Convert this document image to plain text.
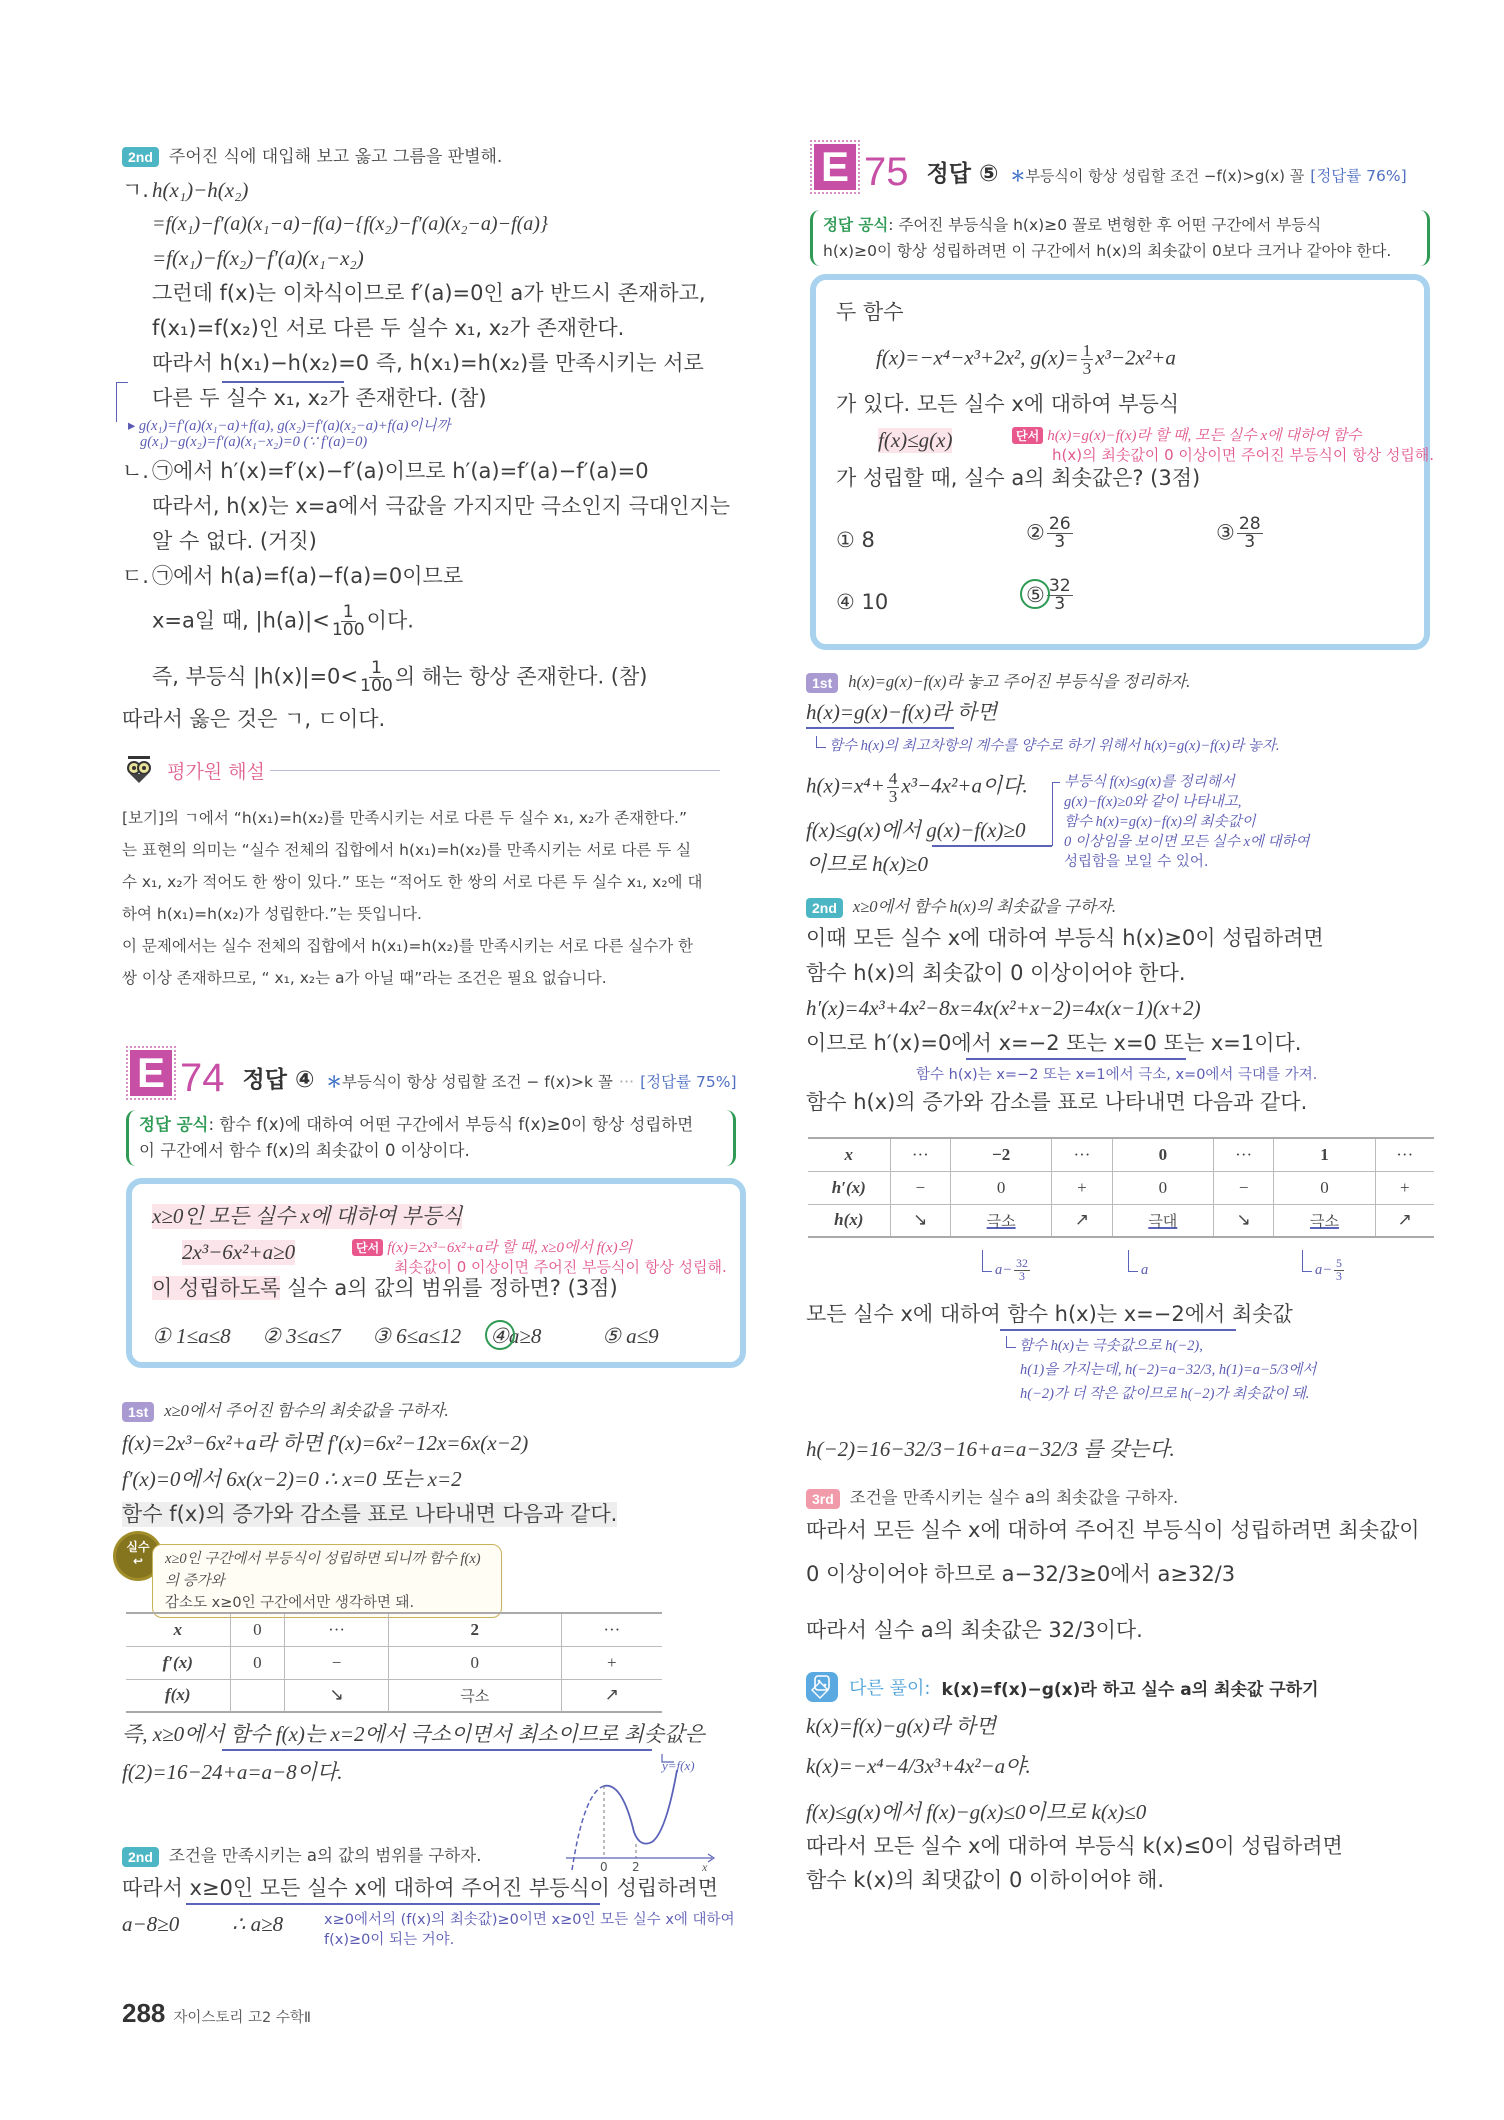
2nd 주어진 식에 대입해 보고 옳고 그름을 판별해.
ㄱ. h(x₁)−h(x₂)
=f(x₁)−f′(a)(x₁−a)−f(a)−{f(x₂)−f′(a)(x₂−a)−f(a)}
=f(x₁)−f(x₂)−f′(a)(x₁−x₂)
그런데 f(x)는 이차식이므로 f′(a)=0인 a가 반드시 존재하고,
f(x₁)=f(x₂)인 서로 다른 두 실수 x₁, x₂가 존재한다.
따라서 h(x₁)−h(x₂)=0 즉, h(x₁)=h(x₂)를 만족시키는 서로
다른 두 실수 x₁, x₂가 존재한다. (참)
▸ g(x₁)=f′(a)(x₁−a)+f(a), g(x₂)=f′(a)(x₂−a)+f(a)이니까
g(x₁)−g(x₂)=f′(a)(x₁−x₂)=0 (∵ f′(a)=0)
ㄴ. ㉠에서 h′(x)=f′(x)−f′(a)이므로 h′(a)=f′(a)−f′(a)=0
따라서, h(x)는 x=a에서 극값을 가지지만 극소인지 극대인지는
알 수 없다. (거짓)
ㄷ. ㉠에서 h(a)=f(a)−f(a)=0이므로
x=a일 때, $|h(a)|< \frac{1}{100}$ 이다.
즉, 부등식 $|h(x)|=0< \frac{1}{100}$ 의 해는 항상 존재한다. (참)
따라서 옳은 것은 ㄱ, ㄷ이다.
평가원 해설
[보기]의 ㄱ에서 “h(x₁)=h(x₂)를 만족시키는 서로 다른 두 실수 x₁, x₂가 존재한다.”
는 표현의 의미는 “실수 전체의 집합에서 h(x₁)=h(x₂)를 만족시키는 서로 다른 두 실
수 x₁, x₂가 적어도 한 쌍이 있다.” 또는 “적어도 한 쌍의 서로 다른 두 실수 x₁, x₂에 대
하여 h(x₁)=h(x₂)가 성립한다.”는 뜻입니다.
이 문제에서는 실수 전체의 집합에서 h(x₁)=h(x₂)를 만족시키는 서로 다른 실수가 한
쌍 이상 존재하므로, “ x₁, x₂는 a가 아닐 때”라는 조건은 필요 없습니다.
E 74 정답 ④ ＊부등식이 항상 성립할 조건 − f(x)>k 꼴 ··· [정답률 75%]
정답 공식: 함수 f(x)에 대하여 어떤 구간에서 부등식 f(x)≥0이 항상 성립하면
이 구간에서 함수 f(x)의 최솟값이 0 이상이다.
x≥0인 모든 실수 x에 대하여 부등식
2x³−6x²+a≥0	단서 f(x)=2x³−6x²+a라 할 때, x≥0에서 f(x)의
최솟값이 0 이상이면 주어진 부등식이 항상 성립해.
이 성립하도록 실수 a의 값의 범위를 정하면? (3점)
① 1≤a≤8 ② 3≤a≤7 ③ 6≤a≤12 ④a≥8	⑤ a≤9
1st x≥0에서 주어진 함수의 최솟값을 구하자.
f(x)=2x³−6x²+a라 하면 f′(x)=6x²−12x=6x(x−2)
f′(x)=0에서 6x(x−2)=0 ∴ x=0 또는 x=2
함수 f(x)의 증가와 감소를 표로 나타내면 다음과 같다.
실수
↩	x≥0인 구간에서 부등식이 성립하면 되니까 함수 f(x)의 증가와
감소도 x≥0인 구간에서만 생각하면 돼.
x	0	···	2	···
f′(x)	0	−	0	+
f(x)		↘	극소	↗
즉, x≥0에서 함수 f(x)는 x=2에서 극소이면서 최소이므로 최솟값은
f(2)=16−24+a=a−8이다.	y=f(x)
0 2	x
2nd 조건을 만족시키는 a의 값의 범위를 구하자.
따라서 x≥0인 모든 실수 x에 대하여 주어진 부등식이 성립하려면
a−8≥0	∴ a≥8	x≥0에서의 (f(x)의 최솟값)≥0이면 x≥0인 모든 실수 x에 대하여
f(x)≥0이 되는 거야.
288 자이스토리 고2 수학Ⅱ
E 75 정답 ⑤ ＊부등식이 항상 성립할 조건 −f(x)>g(x) 꼴 [정답률 76%]
정답 공식: 주어진 부등식을 h(x)≥0 꼴로 변형한 후 어떤 구간에서 부등식
h(x)≥0이 항상 성립하려면 이 구간에서 h(x)의 최솟값이 0보다 크거나 같아야 한다.
두 함수
f(x)=−x⁴−x³+2x², $g(x)= \frac{1}{3} x^3-2x^2+a$
가 있다. 모든 실수 x에 대하여 부등식
f(x)≤g(x)	단서 h(x)=g(x)−f(x)라 할 때, 모든 실수 x에 대하여 함수
h(x)의 최솟값이 0 이상이면 주어진 부등식이 항상 성립해.
가 성립할 때, 실수 a의 최솟값은? (3점)
① 8	② $\frac{26}{3}$	③ $\frac{28}{3}$
④ 10	⑤ $\frac{32}{3}$
1st h(x)=g(x)−f(x)라 놓고 주어진 부등식을 정리하자.
h(x)=g(x)−f(x)라 하면
함수 h(x)의 최고차항의 계수를 양수로 하기 위해서 h(x)=g(x)−f(x)라 놓자.
$h(x)=x^4+ \frac{4}{3} x^3-4x^2+a$이다.
f(x)≤g(x)에서 g(x)−f(x)≥0
이므로 h(x)≥0
부등식 f(x)≤g(x)를 정리해서
g(x)−f(x)≥0와 같이 나타내고,
함수 h(x)=g(x)−f(x)의 최솟값이
0 이상임을 보이면 모든 실수 x에 대하여
성립함을 보일 수 있어.
2nd x≥0에서 함수 h(x)의 최솟값을 구하자.
이때 모든 실수 x에 대하여 부등식 h(x)≥0이 성립하려면
함수 h(x)의 최솟값이 0 이상이어야 한다.
h′(x)=4x³+4x²−8x=4x(x²+x−2)=4x(x−1)(x+2)
이므로 h′(x)=0에서 x=−2 또는 x=0 또는 x=1이다.
함수 h(x)는 x=−2 또는 x=1에서 극소, x=0에서 극대를 가져.
함수 h(x)의 증가와 감소를 표로 나타내면 다음과 같다.
x	···	−2	···	0	···	1	···
h′(x)	−	0	+	0	−	0	+
h(x)	↘	극소	↗	극대	↘	극소	↗
$a- \frac{32}{3}$	a	$a- \frac{5}{3}$
모든 실수 x에 대하여 함수 h(x)는 x=−2에서 최솟값
함수 h(x)는 극솟값으로 h(−2),
h(1)을 가지는데, h(−2)=a−32/3, h(1)=a−5/3에서
h(−2)가 더 작은 값이므로 h(−2)가 최솟값이 돼.
h(−2)=16−32/3−16+a=a−32/3 를 갖는다.
3rd 조건을 만족시키는 실수 a의 최솟값을 구하자.
따라서 모든 실수 x에 대하여 주어진 부등식이 성립하려면 최솟값이
0 이상이어야 하므로 a−32/3≥0에서 a≥32/3
따라서 실수 a의 최솟값은 32/3이다.
다른 풀이: k(x)=f(x)−g(x)라 하고 실수 a의 최솟값 구하기
k(x)=f(x)−g(x)라 하면
k(x)=−x⁴−4/3x³+4x²−a야.
f(x)≤g(x)에서 f(x)−g(x)≤0이므로 k(x)≤0
따라서 모든 실수 x에 대하여 부등식 k(x)≤0이 성립하려면
함수 k(x)의 최댓값이 0 이하이어야 해.
